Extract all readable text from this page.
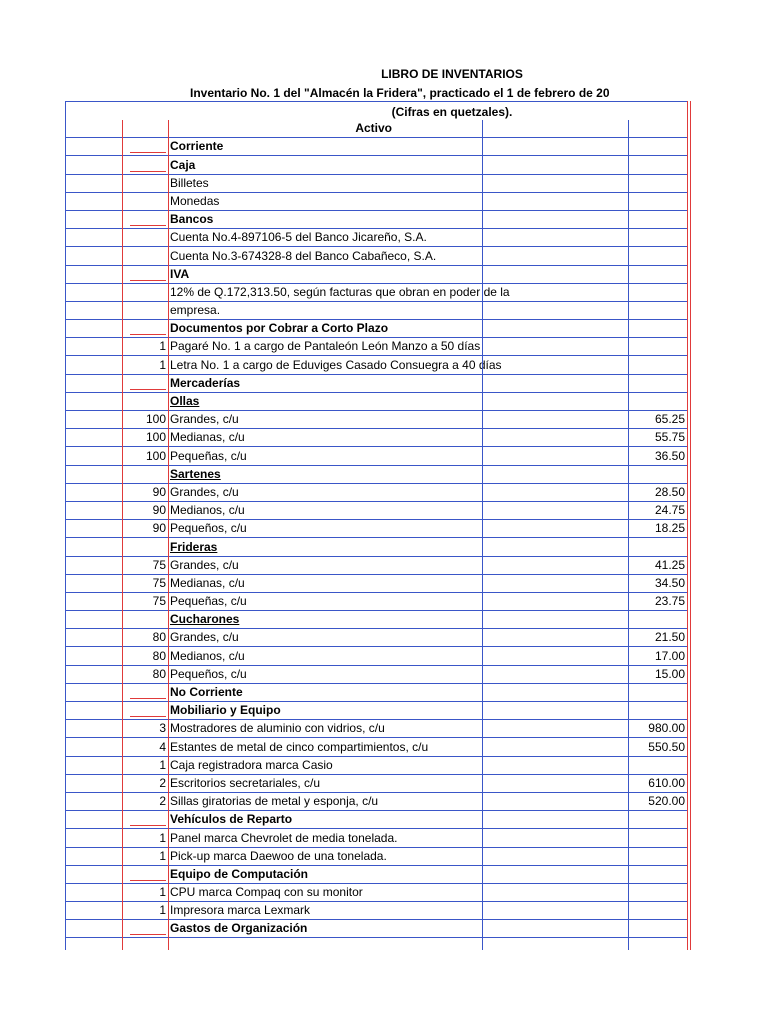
LIBRO DE INVENTARIOS
Inventario No. 1 del "Almacén la Fridera", practicado el 1 de febrero de 20
(Cifras en quetzales).
		Activo		
		Corriente		
		Caja		
		Billetes		
		Monedas		
		Bancos		
		Cuenta No.4-897106-5 del Banco Jicareño, S.A.		
		Cuenta No.3-674328-8 del Banco Cabañeco, S.A.		
		IVA		
		12% de Q.172,313.50, según facturas que obran en poder de la		
		empresa.		
		Documentos por Cobrar a Corto Plazo		
	1	Pagaré No. 1 a cargo de Pantaleón León Manzo a 50 días		
	1	Letra No. 1 a cargo de Eduviges Casado Consuegra a 40 días		
		Mercaderías		
		Ollas		
	100	Grandes, c/u		65.25
	100	Medianas, c/u		55.75
	100	Pequeñas, c/u		36.50
		Sartenes		
	90	Grandes, c/u		28.50
	90	Medianos, c/u		24.75
	90	Pequeños, c/u		18.25
		Frideras		
	75	Grandes, c/u		41.25
	75	Medianas, c/u		34.50
	75	Pequeñas, c/u		23.75
		Cucharones		
	80	Grandes, c/u		21.50
	80	Medianos, c/u		17.00
	80	Pequeños, c/u		15.00
		No Corriente		
		Mobiliario y Equipo		
	3	Mostradores de aluminio con vidrios, c/u		980.00
	4	Estantes de metal de cinco compartimientos, c/u		550.50
	1	Caja registradora marca Casio		
	2	Escritorios secretariales, c/u		610.00
	2	Sillas giratorias de metal y esponja, c/u		520.00
		Vehículos de Reparto		
	1	Panel marca Chevrolet de media tonelada.		
	1	Pick-up marca Daewoo de una tonelada.		
		Equipo de Computación		
	1	CPU marca Compaq con su monitor		
	1	Impresora marca Lexmark		
		Gastos de Organización		
